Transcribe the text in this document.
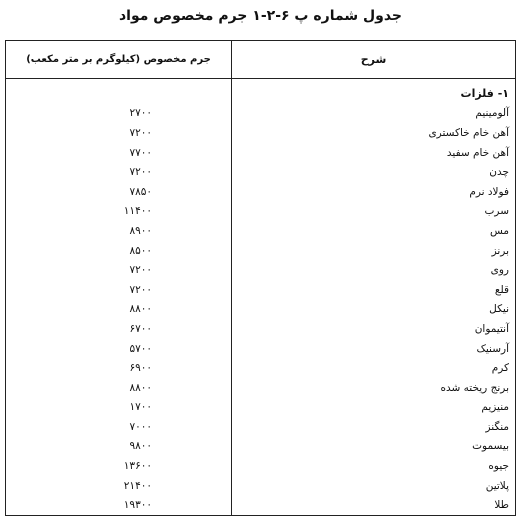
جدول شماره پ ۶-۲-۱ جرم مخصوص مواد
جرم مخصوص (کیلوگرم بر متر مکعب)	شرح
۱- فلزات
آلومینیم
۲۷۰۰
آهن خام خاکستری
۷۲۰۰
آهن خام سفید
۷۷۰۰
چدن
۷۲۰۰
فولاد نرم
۷۸۵۰
سرب
۱۱۴۰۰
مس
۸۹۰۰
برنز
۸۵۰۰
روی
۷۲۰۰
قلع
۷۲۰۰
نیکل
۸۸۰۰
آنتیموان
۶۷۰۰
آرسنیک
۵۷۰۰
کرم
۶۹۰۰
برنج ریخته شده
۸۸۰۰
منیزیم
۱۷۰۰
منگنز
۷۰۰۰
بیسموت
۹۸۰۰
جیوه
۱۳۶۰۰
پلاتین
۲۱۴۰۰
طلا
۱۹۳۰۰
